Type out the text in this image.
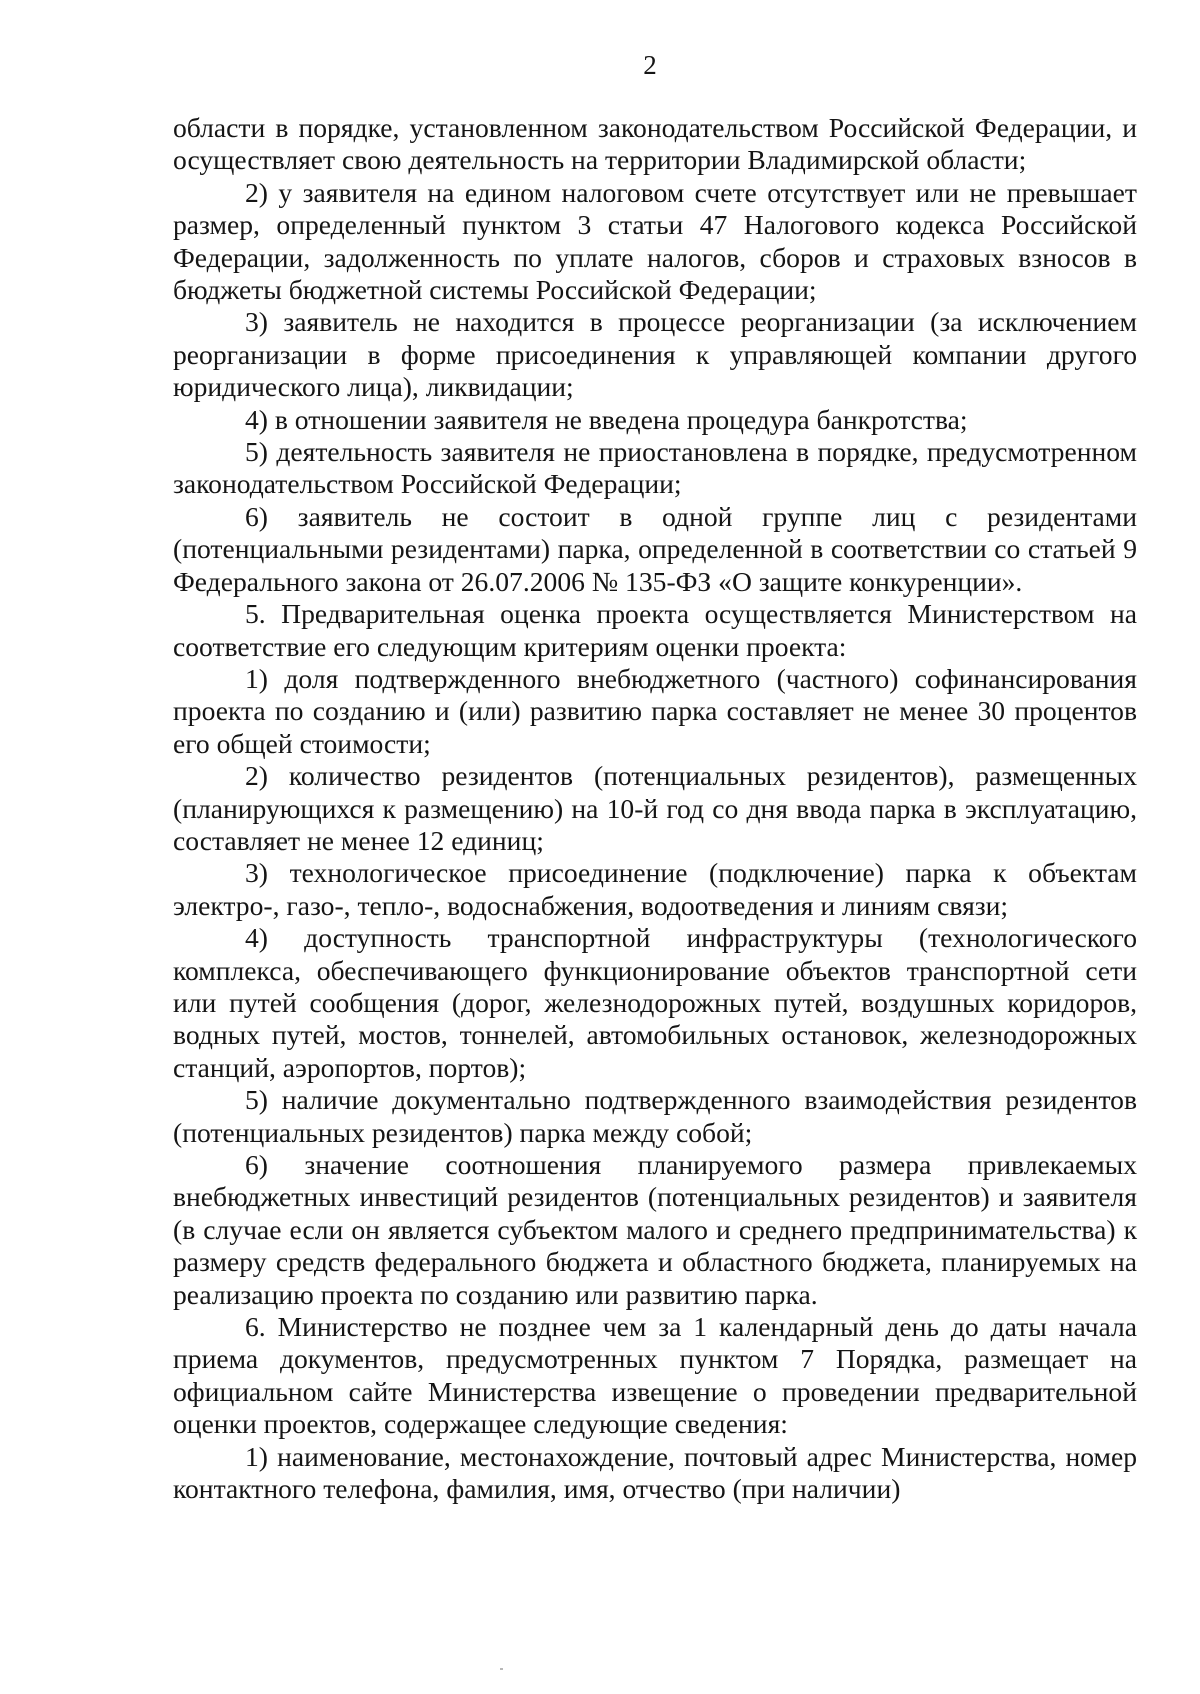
2

области в порядке, установленном законодательством Российской Федерации, и осуществляет свою деятельность на территории Владимирской области;

2) у заявителя на едином налоговом счете отсутствует или не превышает размер, определенный пунктом 3 статьи 47 Налогового кодекса Российской Федерации, задолженность по уплате налогов, сборов и страховых взносов в бюджеты бюджетной системы Российской Федерации;

3) заявитель не находится в процессе реорганизации (за исключением реорганизации в форме присоединения к управляющей компании другого юридического лица), ликвидации;

4) в отношении заявителя не введена процедура банкротства;

5) деятельность заявителя не приостановлена в порядке, предусмотренном законодательством Российской Федерации;

6) заявитель не состоит в одной группе лиц с резидентами (потенциальными резидентами) парка, определенной в соответствии со статьей 9 Федерального закона от 26.07.2006 № 135-ФЗ «О защите конкуренции».

5. Предварительная оценка проекта осуществляется Министерством на соответствие его следующим критериям оценки проекта:

1) доля подтвержденного внебюджетного (частного) софинансирования проекта по созданию и (или) развитию парка составляет не менее 30 процентов его общей стоимости;

2) количество резидентов (потенциальных резидентов), размещенных (планирующихся к размещению) на 10-й год со дня ввода парка в эксплуатацию, составляет не менее 12 единиц;

3) технологическое присоединение (подключение) парка к объектам электро-, газо-, тепло-, водоснабжения, водоотведения и линиям связи;

4) доступность транспортной инфраструктуры (технологического комплекса, обеспечивающего функционирование объектов транспортной сети или путей сообщения (дорог, железнодорожных путей, воздушных коридоров, водных путей, мостов, тоннелей, автомобильных остановок, железнодорожных станций, аэропортов, портов);

5) наличие документально подтвержденного взаимодействия резидентов (потенциальных резидентов) парка между собой;

6) значение соотношения планируемого размера привлекаемых внебюджетных инвестиций резидентов (потенциальных резидентов) и заявителя (в случае если он является субъектом малого и среднего предпринимательства) к размеру средств федерального бюджета и областного бюджета, планируемых на реализацию проекта по созданию или развитию парка.

6. Министерство не позднее чем за 1 календарный день до даты начала приема документов, предусмотренных пунктом 7 Порядка, размещает на официальном сайте Министерства извещение о проведении предварительной оценки проектов, содержащее следующие сведения:

1) наименование, местонахождение, почтовый адрес Министерства, номер контактного телефона, фамилия, имя, отчество (при наличии)
